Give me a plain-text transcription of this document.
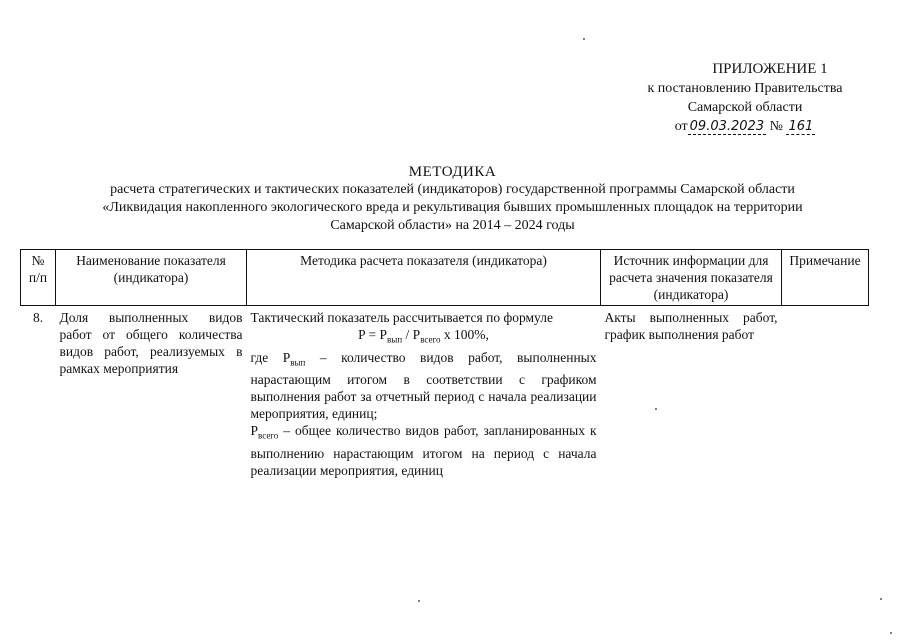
ПРИЛОЖЕНИЕ 1
к постановлению Правительства
Самарской области
от 09.03.2023 № 161
МЕТОДИКА
расчета стратегических и тактических показателей (индикаторов) государственной программы Самарской области
«Ликвидация накопленного экологического вреда и рекультивация бывших промышленных площадок на территории
Самарской области» на 2014 – 2024 годы
№ п/п	Наименование показателя (индикатора)	Методика расчета показателя (индикатора)	Источник информации для расчета значения показателя (индикатора)	Примечание
8.	Доля выполненных видов работ от общего количества видов работ, реализуемых в рамках мероприятия	Тактический показатель рассчитывается по формуле
$P = P_{вып} / P_{всего}$ х 100%,
где $P_{вып}$ – количество видов работ, выполненных нарастающим итогом в соответствии с графиком выполнения работ за отчетный период с начала реализации мероприятия, единиц;
$P_{всего}$ – общее количество видов работ, запланированных к выполнению нарастающим итогом на период с начала реализации мероприятия, единиц	Акты выполненных работ, график выполнения работ	
